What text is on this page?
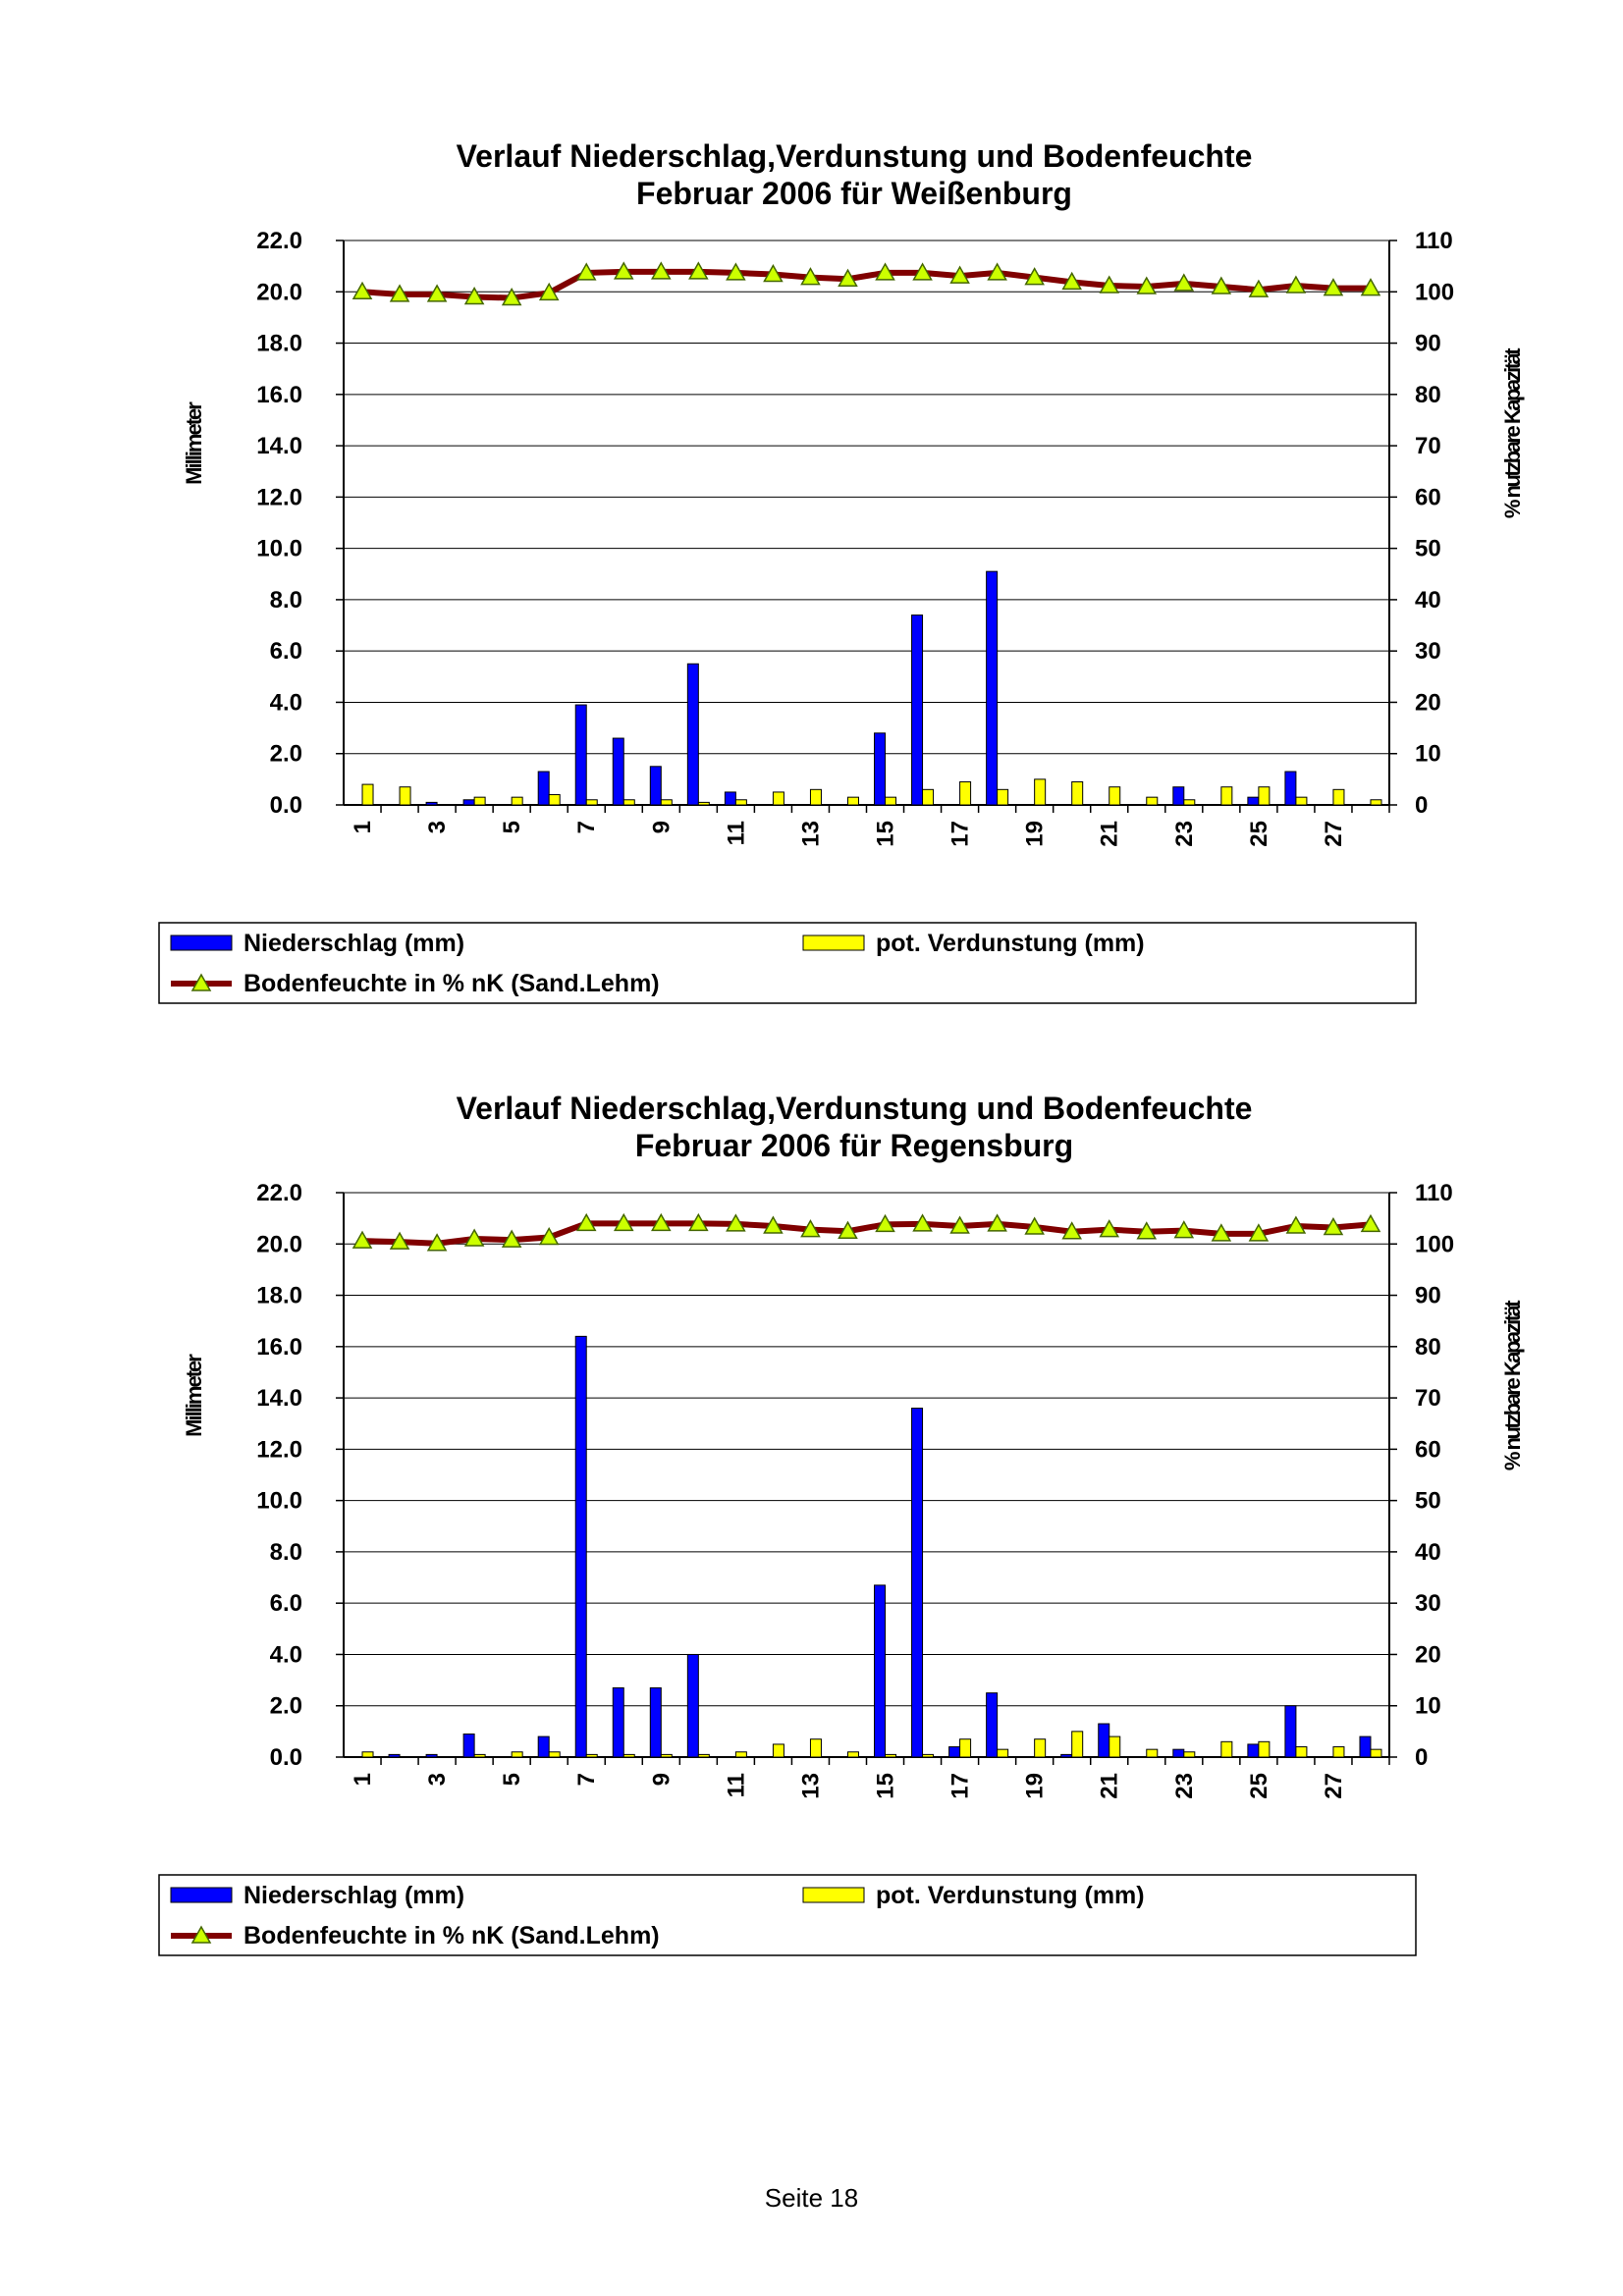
Verlauf Niederschlag,Verdunstung und Bodenfeuchte
Februar 2006 für Weißenburg
0.0
2.0
4.0
6.0
8.0
10.0
12.0
14.0
16.0
18.0
20.0
22.0
0
10
20
30
40
50
60
70
80
90
100
110
Millimeter	% nutzbare Kapazität
1 3 5 7 9 11 13 15 17 19 21 23 25 27
Niederschlag (mm)	pot. Verdunstung (mm)
Bodenfeuchte in % nK (Sand.Lehm)
Verlauf Niederschlag,Verdunstung und Bodenfeuchte
Februar 2006 für Regensburg
0.0
2.0
4.0
6.0
8.0
10.0
12.0
14.0
16.0
18.0
20.0
22.0
0
10
20
30
40
50
60
70
80
90
100
110
Millimeter	% nutzbare Kapazität
1 3 5 7 9 11 13 15 17 19 21 23 25 27
Niederschlag (mm)	pot. Verdunstung (mm)
Bodenfeuchte in % nK (Sand.Lehm)
Seite 18
